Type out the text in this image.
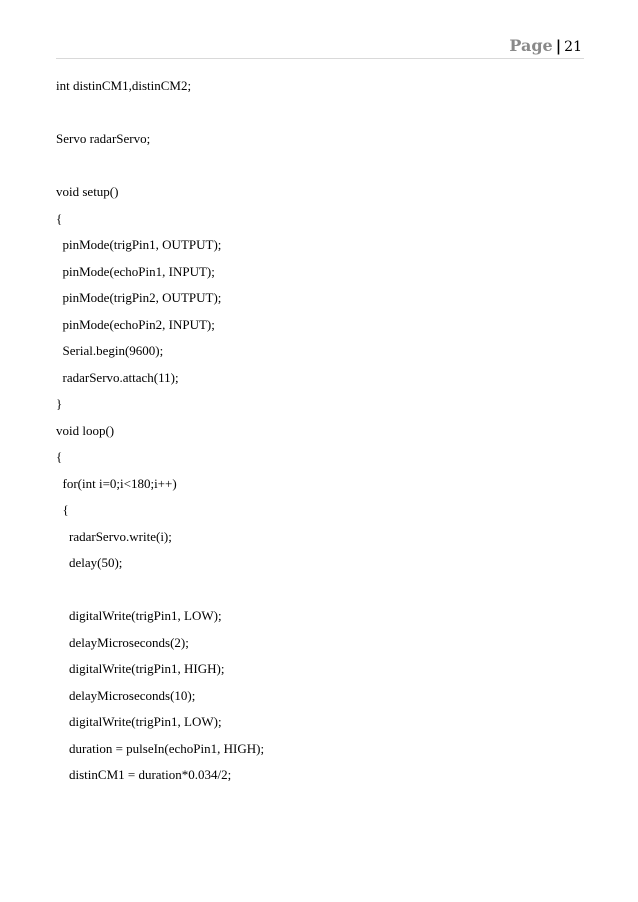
Page | 21
int distinCM1,distinCM2;
Servo radarServo;
void setup()
{
pinMode(trigPin1, OUTPUT);
pinMode(echoPin1, INPUT);
pinMode(trigPin2, OUTPUT);
pinMode(echoPin2, INPUT);
Serial.begin(9600);
radarServo.attach(11);
}
void loop()
{
for(int i=0;i<180;i++)
{
radarServo.write(i);
delay(50);
digitalWrite(trigPin1, LOW);
delayMicroseconds(2);
digitalWrite(trigPin1, HIGH);
delayMicroseconds(10);
digitalWrite(trigPin1, LOW);
duration = pulseIn(echoPin1, HIGH);
distinCM1 = duration*0.034/2;
